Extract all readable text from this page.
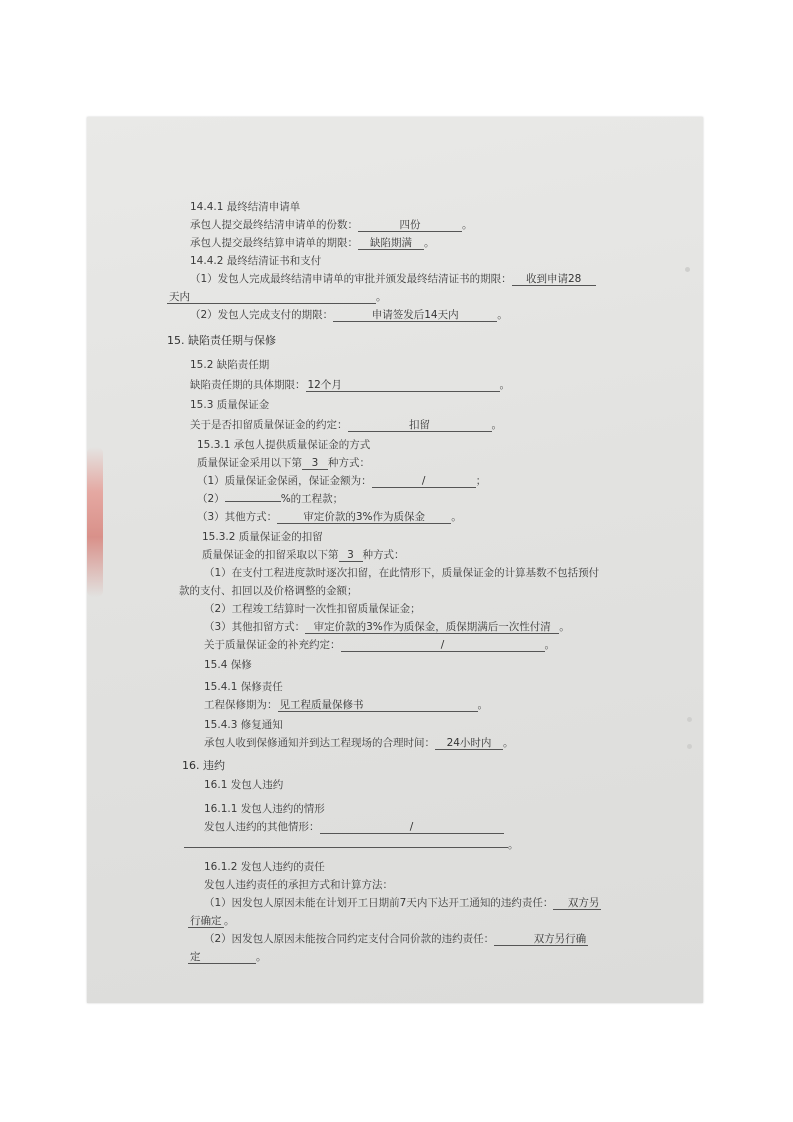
14.4.1 最终结清申请单
承包人提交最终结清申请单的份数：	四份	。
承包人提交最终结算申请单的期限： 缺陷期满 。
14.4.2 最终结清证书和支付
（1）发包人完成最终结清申请单的审批并颁发最终结清证书的期限： 收到申请28
天内	。
（2）发包人完成支付的期限：	申请签发后14天内	。
15. 缺陷责任期与保修
15.2 缺陷责任期
缺陷责任期的具体期限： 12个月	。
15.3 质量保证金
关于是否扣留质量保证金的约定：	扣留	。
15.3.1 承包人提供质量保证金的方式
质量保证金采用以下第 3 种方式：
（1）质量保证金保函，保证金额为：	/	；
（2）	%的工程款；
（3）其他方式： 审定价款的3%作为质保金 。
15.3.2 质量保证金的扣留
质量保证金的扣留采取以下第 3 种方式：
（1）在支付工程进度款时逐次扣留，在此情形下，质量保证金的计算基数不包括预付
款的支付、扣回以及价格调整的金额；
（2）工程竣工结算时一次性扣留质量保证金；
（3）其他扣留方式： 审定价款的3%作为质保金，质保期满后一次性付清 。
关于质量保证金的补充约定：	/	。
15.4 保修
15.4.1 保修责任
工程保修期为： 见工程质量保修书	。
15.4.3 修复通知
承包人收到保修通知并到达工程现场的合理时间： 24小时内 。
16. 违约
16.1 发包人违约
16.1.1 发包人违约的情形
发包人违约的其他情形：	/
。
16.1.2 发包人违约的责任
发包人违约责任的承担方式和计算方法：
（1）因发包人原因未能在计划开工日期前7天内下达开工通知的违约责任： 双方另
行确定 。
（2）因发包人原因未能按合同约定支付合同价款的违约责任：	双方另行确
定	。
